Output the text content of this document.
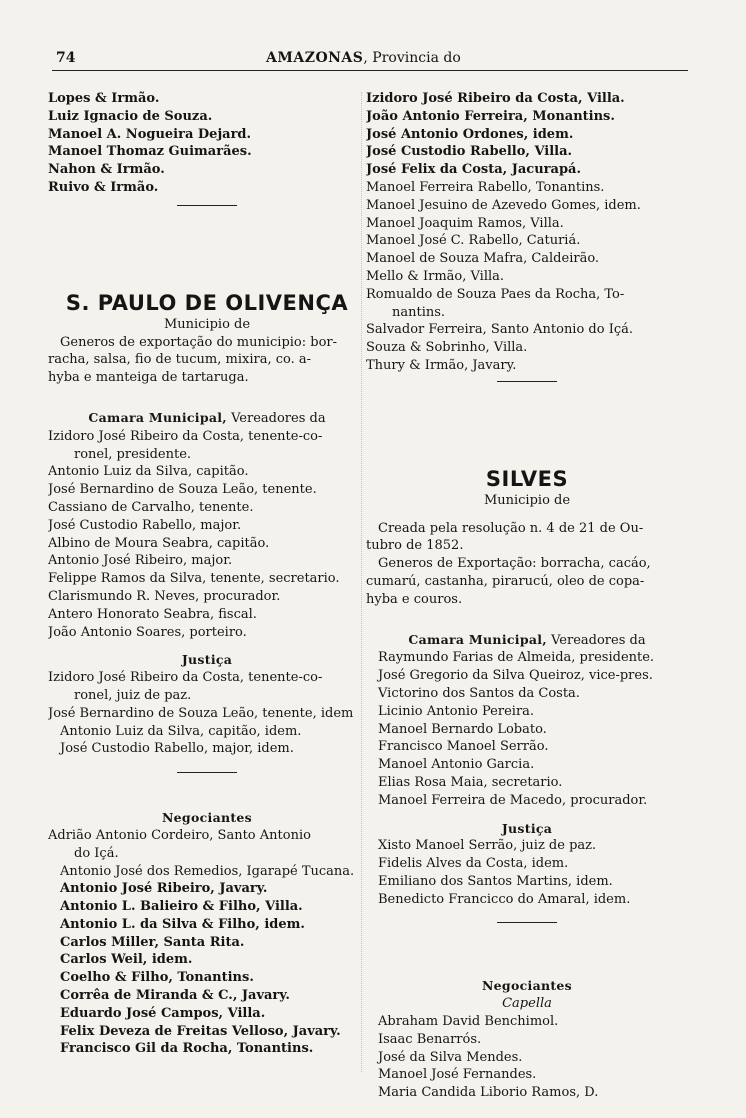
74	AMAZONAS, Provincia do
Lopes & Irmão.
Luiz Ignacio de Souza.
Manoel A. Nogueira Dejard.
Manoel Thomaz Guimarães.
Nahon & Irmão.
Ruivo & Irmão.
S. PAULO DE OLIVENÇA
Municipio de
Generos de exportação do municipio: bor-
racha, salsa, fio de tucum, mixira, co. a-
hyba e manteiga de tartaruga.
Camara Municipal, Vereadores da
Izidoro José Ribeiro da Costa, tenente-co-
ronel, presidente.
Antonio Luiz da Silva, capitão.
José Bernardino de Souza Leão, tenente.
Cassiano de Carvalho, tenente.
José Custodio Rabello, major.
Albino de Moura Seabra, capitão.
Antonio José Ribeiro, major.
Felippe Ramos da Silva, tenente, secretario.
Clarismundo R. Neves, procurador.
Antero Honorato Seabra, fiscal.
João Antonio Soares, porteiro.
Justiça
Izidoro José Ribeiro da Costa, tenente-co-
ronel, juiz de paz.
José Bernardino de Souza Leão, tenente, idem
Antonio Luiz da Silva, capitão, idem.
José Custodio Rabello, major, idem.
Negociantes
Adrião Antonio Cordeiro, Santo Antonio
do Içá.
Antonio José dos Remedios, Igarapé Tucana.
Antonio José Ribeiro, Javary.
Antonio L. Balieiro & Filho, Villa.
Antonio L. da Silva & Filho, idem.
Carlos Miller, Santa Rita.
Carlos Weil, idem.
Coelho & Filho, Tonantins.
Corrêa de Miranda & C., Javary.
Eduardo José Campos, Villa.
Felix Deveza de Freitas Velloso, Javary.
Francisco Gil da Rocha, Tonantins.
Izidoro José Ribeiro da Costa, Villa.
João Antonio Ferreira, Monantins.
José Antonio Ordones, idem.
José Custodio Rabello, Villa.
José Felix da Costa, Jacurapá.
Manoel Ferreira Rabello, Tonantins.
Manoel Jesuino de Azevedo Gomes, idem.
Manoel Joaquim Ramos, Villa.
Manoel José C. Rabello, Caturiá.
Manoel de Souza Mafra, Caldeirão.
Mello & Irmão, Villa.
Romualdo de Souza Paes da Rocha, To-
nantins.
Salvador Ferreira, Santo Antonio do Içá.
Souza & Sobrinho, Villa.
Thury & Irmão, Javary.
SILVES
Municipio de
Creada pela resolução n. 4 de 21 de Ou-
tubro de 1852.
Generos de Exportação: borracha, cacáo,
cumarú, castanha, pirarucú, oleo de copa-
hyba e couros.
Camara Municipal, Vereadores da
Raymundo Farias de Almeida, presidente.
José Gregorio da Silva Queiroz, vice-pres.
Victorino dos Santos da Costa.
Licinio Antonio Pereira.
Manoel Bernardo Lobato.
Francisco Manoel Serrão.
Manoel Antonio Garcia.
Elias Rosa Maia, secretario.
Manoel Ferreira de Macedo, procurador.
Justiça
Xisto Manoel Serrão, juiz de paz.
Fidelis Alves da Costa, idem.
Emiliano dos Santos Martins, idem.
Benedicto Francicco do Amaral, idem.
Negociantes
Capella
Abraham David Benchimol.
Isaac Benarrós.
José da Silva Mendes.
Manoel José Fernandes.
Maria Candida Liborio Ramos, D.
